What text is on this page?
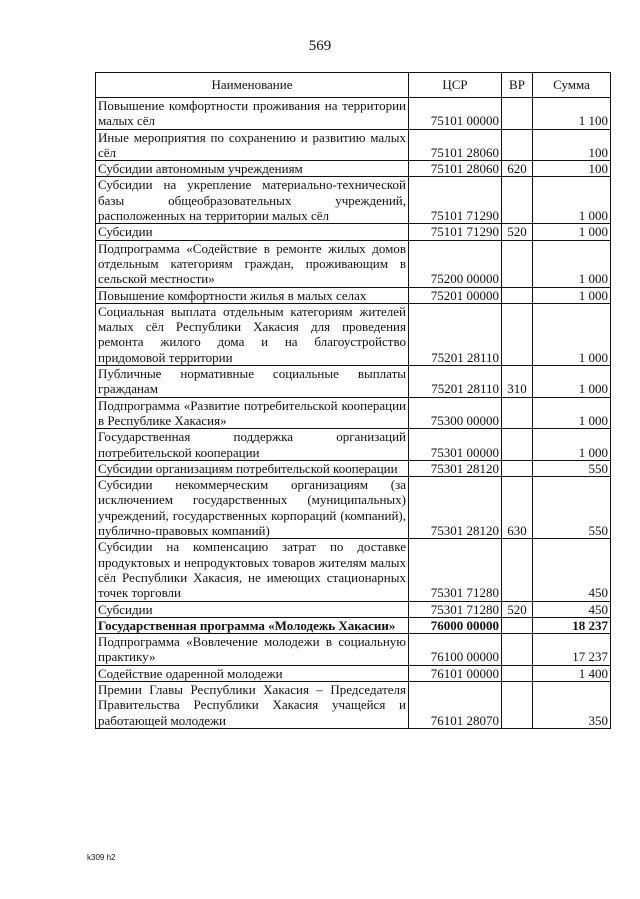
569
Наименование	ЦСР	ВР	Сумма
Повышение комфортности проживания на территории малых сёл	75101 00000		1 100
Иные мероприятия по сохранению и развитию малых сёл	75101 28060		100
Субсидии автономным учреждениям	75101 28060	620	100
Субсидии на укрепление материально-технической базы общеобразовательных учреждений, расположенных на территории малых сёл	75101 71290		1 000
Субсидии	75101 71290	520	1 000
Подпрограмма «Содействие в ремонте жилых домов отдельным категориям граждан, проживающим в сельской местности»	75200 00000		1 000
Повышение комфортности жилья в малых селах	75201 00000		1 000
Социальная выплата отдельным категориям жителей малых сёл Республики Хакасия для проведения ремонта жилого дома и на благоустройство придомовой территории	75201 28110		1 000
Публичные нормативные социальные выплаты гражданам	75201 28110	310	1 000
Подпрограмма «Развитие потребительской кооперации в Республике Хакасия»	75300 00000		1 000
Государственная поддержка организаций потребительской кооперации	75301 00000		1 000
Субсидии организациям потребительской кооперации	75301 28120		550
Субсидии некоммерческим организациям (за исключением государственных (муниципальных) учреждений, государственных корпораций (компаний), публично-правовых компаний)	75301 28120	630	550
Субсидии на компенсацию затрат по доставке продуктовых и непродуктовых товаров жителям малых сёл Республики Хакасия, не имеющих стационарных точек торговли	75301 71280		450
Субсидии	75301 71280	520	450
Государственная программа «Молодежь Хакасии»	76000 00000		18 237
Подпрограмма «Вовлечение молодежи в социальную практику»	76100 00000		17 237
Содействие одаренной молодежи	76101 00000		1 400
Премии Главы Республики Хакасия – Председателя Правительства Республики Хакасия учащейся и работающей молодежи	76101 28070		350
k309 h2
